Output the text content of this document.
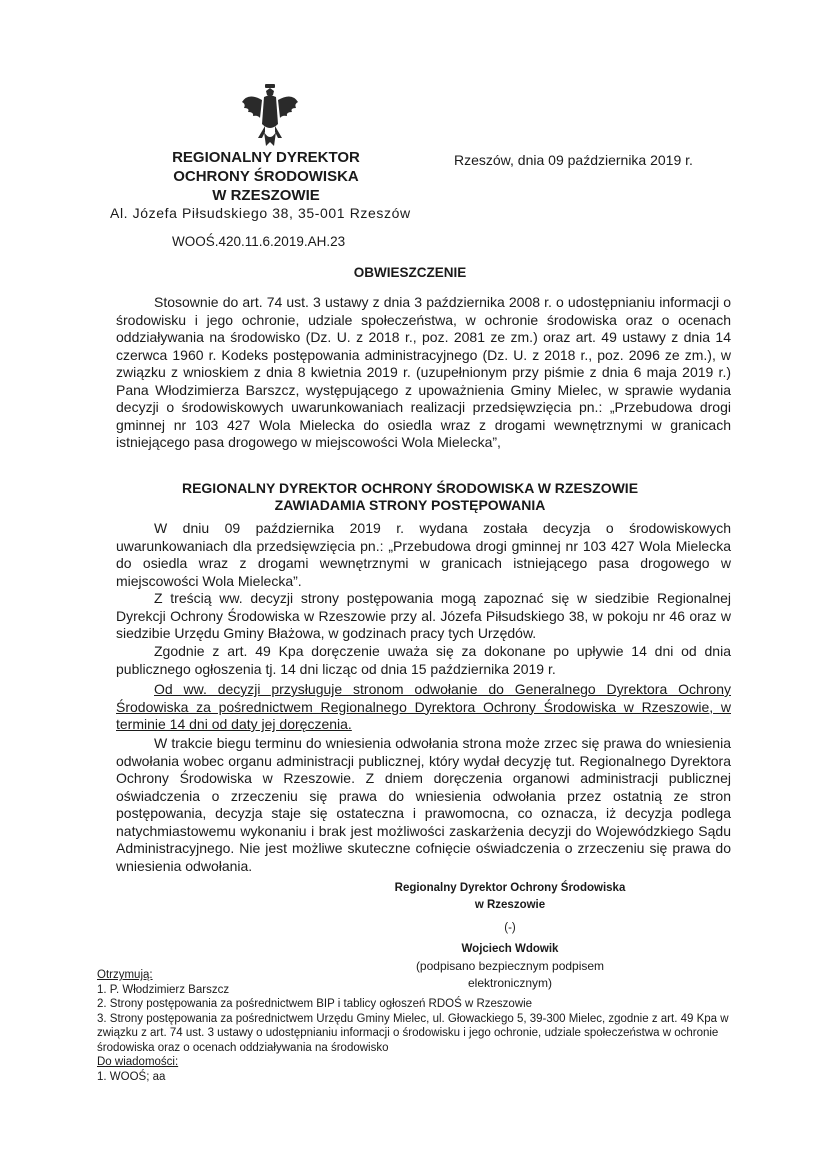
REGIONALNY DYREKTOR
OCHRONY ŚRODOWISKA
W RZESZOWIE
Al. Józefa Piłsudskiego 38, 35-001 Rzeszów
Rzeszów, dnia 09 października 2019 r.
WOOŚ.420.11.6.2019.AH.23
OBWIESZCZENIE
Stosownie do art. 74 ust. 3 ustawy z dnia 3 października 2008 r. o udostępnianiu informacji o środowisku i jego ochronie, udziale społeczeństwa, w ochronie środowiska oraz o ocenach oddziaływania na środowisko (Dz. U. z 2018 r., poz. 2081 ze zm.) oraz art. 49 ustawy z dnia 14 czerwca 1960 r. Kodeks postępowania administracyjnego (Dz. U. z 2018 r., poz. 2096 ze zm.), w związku z wnioskiem z dnia 8 kwietnia 2019 r. (uzupełnionym przy piśmie z dnia 6 maja 2019 r.) Pana Włodzimierza Barszcz, występującego z upoważnienia Gminy Mielec, w sprawie wydania decyzji o środowiskowych uwarunkowaniach realizacji przedsięwzięcia pn.: „Przebudowa drogi gminnej nr 103 427 Wola Mielecka do osiedla wraz z drogami wewnętrznymi w granicach istniejącego pasa drogowego w miejscowości Wola Mielecka”,
REGIONALNY DYREKTOR OCHRONY ŚRODOWISKA W RZESZOWIE
ZAWIADAMIA STRONY POSTĘPOWANIA
W dniu 09 października 2019 r. wydana została decyzja o środowiskowych uwarunkowaniach dla przedsięwzięcia pn.: „Przebudowa drogi gminnej nr 103 427 Wola Mielecka do osiedla wraz z drogami wewnętrznymi w granicach istniejącego pasa drogowego w miejscowości Wola Mielecka”.
Z treścią ww. decyzji strony postępowania mogą zapoznać się w siedzibie Regionalnej Dyrekcji Ochrony Środowiska w Rzeszowie przy al. Józefa Piłsudskiego 38, w pokoju nr 46 oraz w siedzibie Urzędu Gminy Błażowa, w godzinach pracy tych Urzędów.
Zgodnie z art. 49 Kpa doręczenie uważa się za dokonane po upływie 14 dni od dnia publicznego ogłoszenia tj. 14 dni licząc od dnia 15 października 2019 r.
Od ww. decyzji przysługuje stronom odwołanie do Generalnego Dyrektora Ochrony Środowiska za pośrednictwem Regionalnego Dyrektora Ochrony Środowiska w Rzeszowie, w terminie 14 dni od daty jej doręczenia.
W trakcie biegu terminu do wniesienia odwołania strona może zrzec się prawa do wniesienia odwołania wobec organu administracji publicznej, który wydał decyzję tut. Regionalnego Dyrektora Ochrony Środowiska w Rzeszowie. Z dniem doręczenia organowi administracji publicznej oświadczenia o zrzeczeniu się prawa do wniesienia odwołania przez ostatnią ze stron postępowania, decyzja staje się ostateczna i prawomocna, co oznacza, iż decyzja podlega natychmiastowemu wykonaniu i brak jest możliwości zaskarżenia decyzji do Wojewódzkiego Sądu Administracyjnego. Nie jest możliwe skuteczne cofnięcie oświadczenia o zrzeczeniu się prawa do wniesienia odwołania.
Regionalny Dyrektor Ochrony Środowiska
w Rzeszowie
(-)
Wojciech Wdowik
(podpisano bezpiecznym podpisem elektronicznym)
Otrzymują:
1. P. Włodzimierz Barszcz
2. Strony postępowania za pośrednictwem BIP i tablicy ogłoszeń RDOŚ w Rzeszowie
3. Strony postępowania za pośrednictwem Urzędu Gminy Mielec, ul. Głowackiego 5, 39-300 Mielec, zgodnie z art. 49 Kpa w związku z art. 74 ust. 3 ustawy o udostępnianiu informacji o środowisku i jego ochronie, udziale społeczeństwa w ochronie środowiska oraz o ocenach oddziaływania na środowisko
Do wiadomości:
1. WOOŚ; aa
